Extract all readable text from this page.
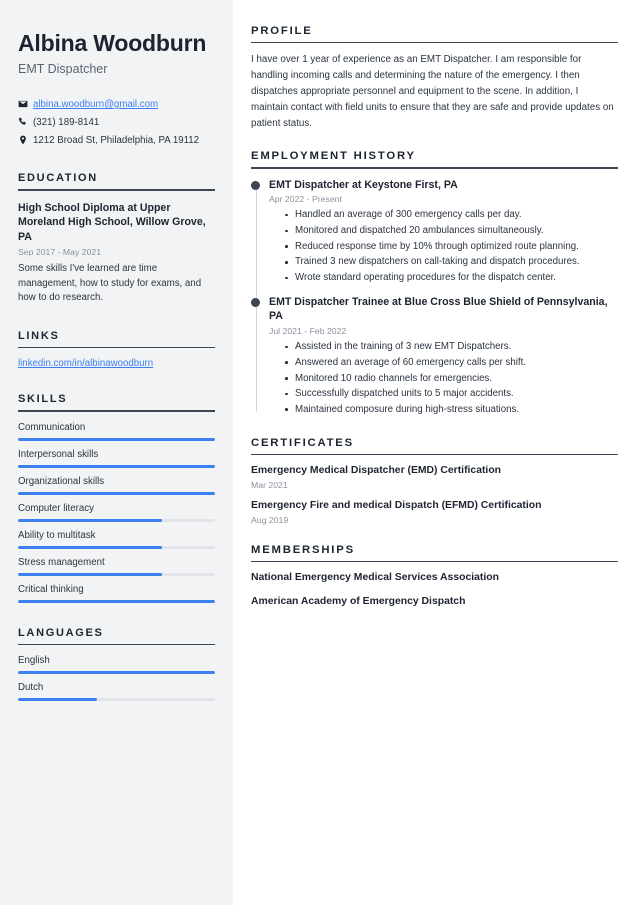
Albina Woodburn

EMT Dispatcher

albina.woodburn@gmail.com
(321) 189-8141
1212 Broad St, Philadelphia, PA 19112
EDUCATION

High School Diploma at Upper Moreland High School, Willow Grove, PA

Sep 2017 - May 2021

Some skills I've learned are time management, how to study for exams, and how to do research.

LINKS
linkedin.com/in/albinawoodburn
SKILLS
Communication
Interpersonal skills
Organizational skills
Computer literacy
Ability to multitask
Stress management
Critical thinking
LANGUAGES
English
Dutch
PROFILE

I have over 1 year of experience as an EMT Dispatcher. I am responsible for handling incoming calls and determining the nature of the emergency. I then dispatches appropriate personnel and equipment to the scene. In addition, I maintain contact with field units to ensure that they are safe and provide updates on patient status.

EMPLOYMENT HISTORY

EMT Dispatcher at Keystone First, PA

Apr 2022 - Present

Handled an average of 300 emergency calls per day.
Monitored and dispatched 20 ambulances simultaneously.
Reduced response time by 10% through optimized route planning.
Trained 3 new dispatchers on call-taking and dispatch procedures.
Wrote standard operating procedures for the dispatch center.

EMT Dispatcher Trainee at Blue Cross Blue Shield of Pennsylvania, PA

Jul 2021 - Feb 2022

Assisted in the training of 3 new EMT Dispatchers.
Answered an average of 60 emergency calls per shift.
Monitored 10 radio channels for emergencies.
Successfully dispatched units to 5 major accidents.
Maintained composure during high-stress situations.
CERTIFICATES

Emergency Medical Dispatcher (EMD) Certification

Mar 2021

Emergency Fire and medical Dispatch (EFMD) Certification

Aug 2019

MEMBERSHIPS

National Emergency Medical Services Association

American Academy of Emergency Dispatch
